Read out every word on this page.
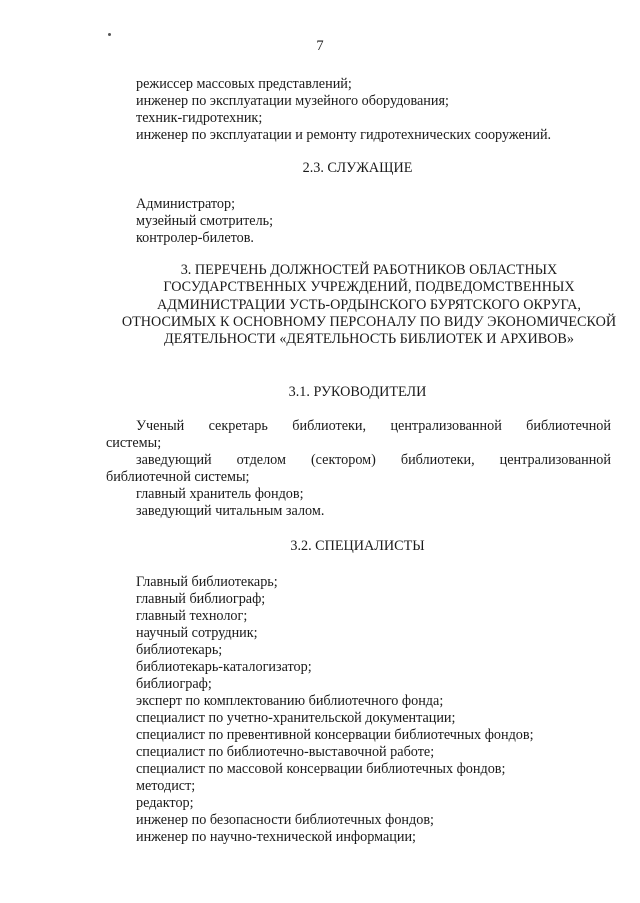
7
режиссер массовых представлений;
инженер по эксплуатации музейного оборудования;
техник-гидротехник;
инженер по эксплуатации и ремонту гидротехнических сооружений.
2.3. СЛУЖАЩИЕ
Администратор;
музейный смотритель;
контролер-билетов.
3. ПЕРЕЧЕНЬ ДОЛЖНОСТЕЙ РАБОТНИКОВ ОБЛАСТНЫХ ГОСУДАРСТВЕННЫХ УЧРЕЖДЕНИЙ, ПОДВЕДОМСТВЕННЫХ АДМИНИСТРАЦИИ УСТЬ-ОРДЫНСКОГО БУРЯТСКОГО ОКРУГА, ОТНОСИМЫХ К ОСНОВНОМУ ПЕРСОНАЛУ ПО ВИДУ ЭКОНОМИЧЕСКОЙ ДЕЯТЕЛЬНОСТИ «ДЕЯТЕЛЬНОСТЬ БИБЛИОТЕК И АРХИВОВ»
3.1. РУКОВОДИТЕЛИ
Ученый секретарь библиотеки, централизованной библиотечной
системы;
заведующий отделом (сектором) библиотеки, централизованной
библиотечной системы;
главный хранитель фондов;
заведующий читальным залом.
3.2. СПЕЦИАЛИСТЫ
Главный библиотекарь;
главный библиограф;
главный технолог;
научный сотрудник;
библиотекарь;
библиотекарь-каталогизатор;
библиограф;
эксперт по комплектованию библиотечного фонда;
специалист по учетно-хранительской документации;
специалист по превентивной консервации библиотечных фондов;
специалист по библиотечно-выставочной работе;
специалист по массовой консервации библиотечных фондов;
методист;
редактор;
инженер по безопасности библиотечных фондов;
инженер по научно-технической информации;
